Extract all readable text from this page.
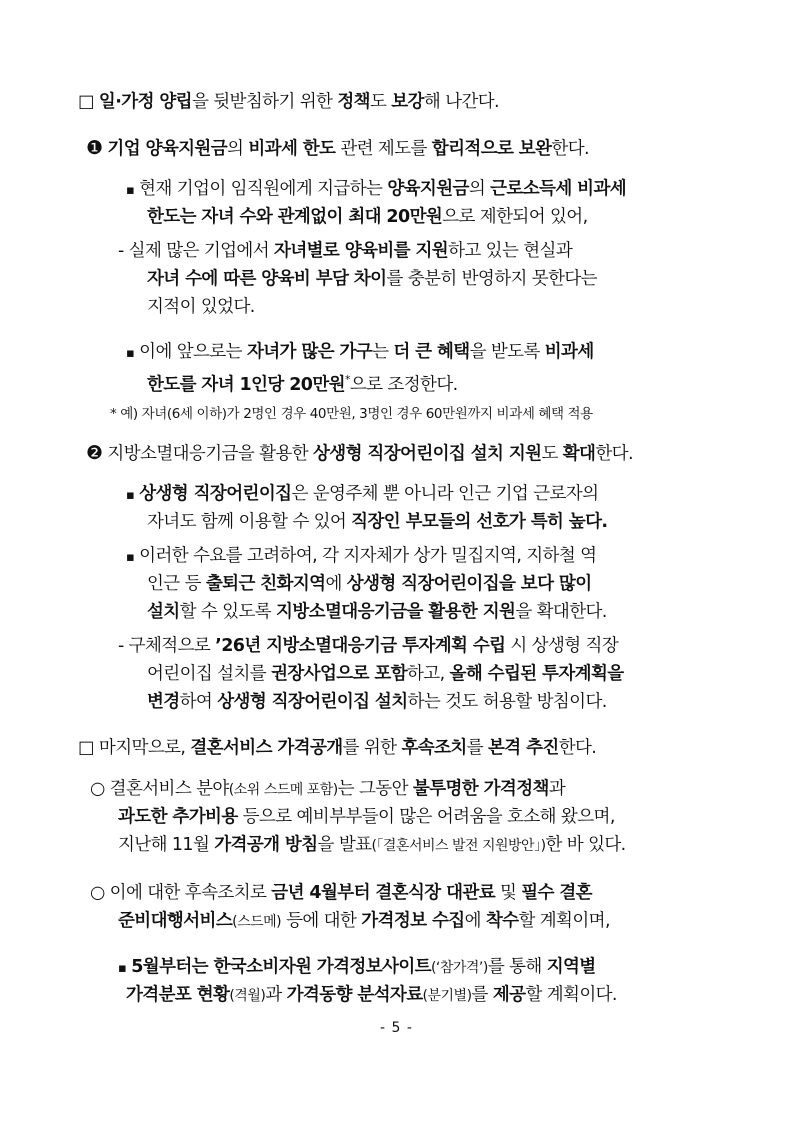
□ 일·가정 양립을 뒷받침하기 위한 정책도 보강해 나간다.
❶ 기업 양육지원금의 비과세 한도 관련 제도를 합리적으로 보완한다.
▪ 현재 기업이 임직원에게 지급하는 양육지원금의 근로소득세 비과세
한도는 자녀 수와 관계없이 최대 20만원으로 제한되어 있어,
- 실제 많은 기업에서 자녀별로 양육비를 지원하고 있는 현실과
자녀 수에 따른 양육비 부담 차이를 충분히 반영하지 못한다는
지적이 있었다.
▪ 이에 앞으로는 자녀가 많은 가구는 더 큰 혜택을 받도록 비과세
한도를 자녀 1인당 20만원*으로 조정한다.
* 예) 자녀(6세 이하)가 2명인 경우 40만원, 3명인 경우 60만원까지 비과세 혜택 적용
❷ 지방소멸대응기금을 활용한 상생형 직장어린이집 설치 지원도 확대한다.
▪ 상생형 직장어린이집은 운영주체 뿐 아니라 인근 기업 근로자의
자녀도 함께 이용할 수 있어 직장인 부모들의 선호가 특히 높다.
▪ 이러한 수요를 고려하여, 각 지자체가 상가 밀집지역, 지하철 역
인근 등 출퇴근 친화지역에 상생형 직장어린이집을 보다 많이
설치할 수 있도록 지방소멸대응기금을 활용한 지원을 확대한다.
- 구체적으로 ’26년 지방소멸대응기금 투자계획 수립 시 상생형 직장
어린이집 설치를 권장사업으로 포함하고, 올해 수립된 투자계획을
변경하여 상생형 직장어린이집 설치하는 것도 허용할 방침이다.
□ 마지막으로, 결혼서비스 가격공개를 위한 후속조치를 본격 추진한다.
○ 결혼서비스 분야(소위 스드메 포함)는 그동안 불투명한 가격정책과
과도한 추가비용 등으로 예비부부들이 많은 어려움을 호소해 왔으며,
지난해 11월 가격공개 방침을 발표(「결혼서비스 발전 지원방안」)한 바 있다.
○ 이에 대한 후속조치로 금년 4월부터 결혼식장 대관료 및 필수 결혼
준비대행서비스(스드메) 등에 대한 가격정보 수집에 착수할 계획이며,
▪ 5월부터는 한국소비자원 가격정보사이트(‘참가격’)를 통해 지역별
가격분포 현황(격월)과 가격동향 분석자료(분기별)를 제공할 계획이다.
- 5 -
